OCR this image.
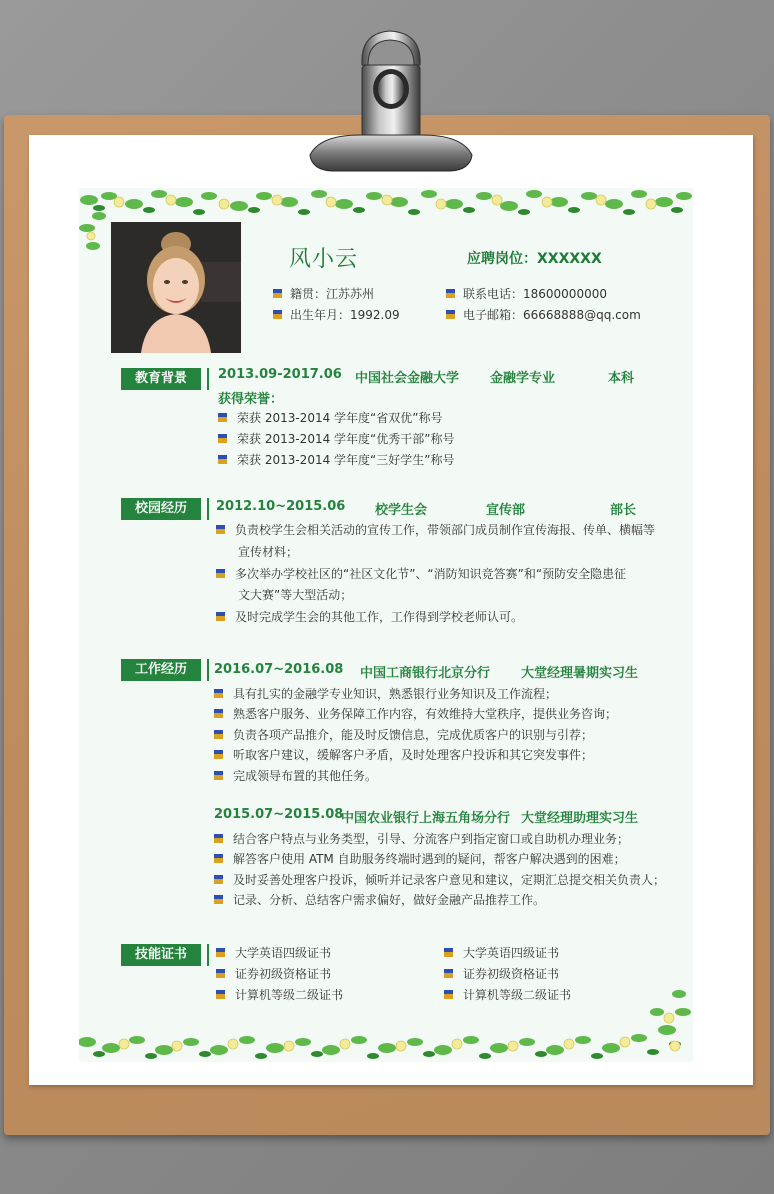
风小云	应聘岗位：XXXXXX
籍贯：江苏苏州
出生年月：1992.09
联系电话：18600000000
电子邮箱：66668888@qq.com
教育背景	2013.09-2017.06 中国社会金融大学 金融学专业	本科
获得荣誉：
荣获 2013-2014 学年度“省双优”称号
荣获 2013-2014 学年度“优秀干部”称号
荣获 2013-2014 学年度“三好学生”称号
校园经历	2012.10~2015.06 校学生会	宣传部	部长
负责校学生会相关活动的宣传工作，带领部门成员制作宣传海报、传单、横幅等
宣传材料；
多次举办学校社区的“社区文化节”、“消防知识竞答赛”和“预防安全隐患征
文大赛”等大型活动；
及时完成学生会的其他工作，工作得到学校老师认可。
工作经历	2016.07~2016.08 中国工商银行北京分行 大堂经理暑期实习生
具有扎实的金融学专业知识，熟悉银行业务知识及工作流程；
熟悉客户服务、业务保障工作内容，有效维持大堂秩序，提供业务咨询；
负责各项产品推介，能及时反馈信息，完成优质客户的识别与引荐；
听取客户建议，缓解客户矛盾，及时处理客户投诉和其它突发事件；
完成领导布置的其他任务。
2015.07~2015.08
中国农业银行上海五角场分行 大堂经理助理实习生
结合客户特点与业务类型，引导、分流客户到指定窗口或自助机办理业务；
解答客户使用 ATM 自助服务终端时遇到的疑问，帮客户解决遇到的困难；
及时妥善处理客户投诉，倾听并记录客户意见和建议，定期汇总提交相关负责人；
记录、分析、总结客户需求偏好，做好金融产品推荐工作。
技能证书	大学英语四级证书
证券初级资格证书
计算机等级二级证书
大学英语四级证书
证券初级资格证书
计算机等级二级证书
